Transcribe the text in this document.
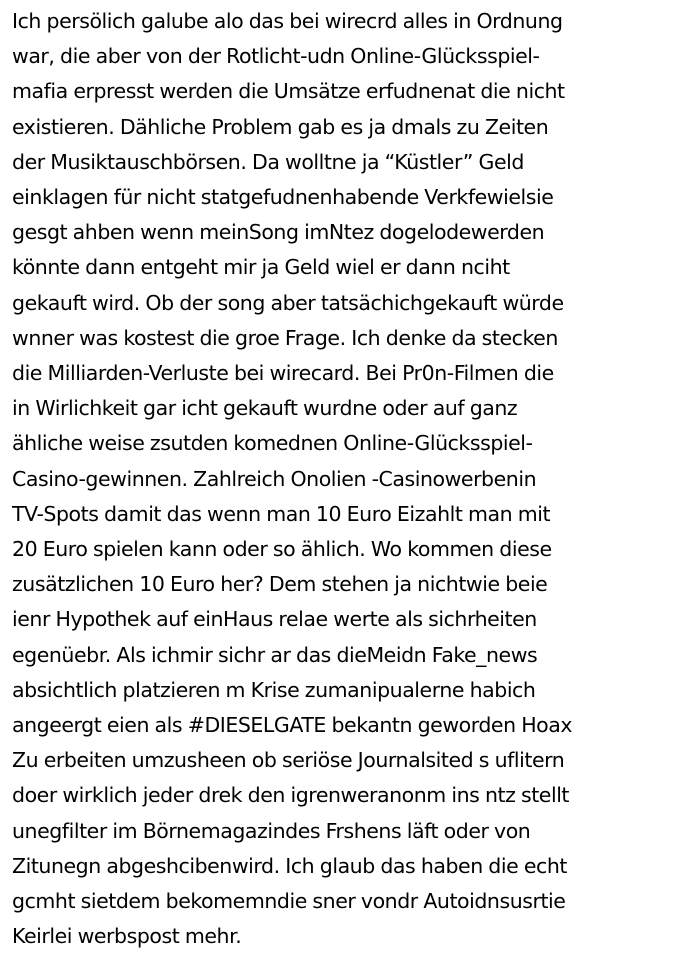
Ich persölich galube alo das bei wirecrd alles in Ordnung
war, die aber von der Rotlicht-udn Online-Glücksspiel-
mafia erpresst werden die Umsätze erfudnenat die nicht
existieren. Dähliche Problem gab es ja dmals zu Zeiten
der Musiktauschbörsen. Da wolltne ja “Küstler” Geld
einklagen für nicht statgefudnenhabende Verkfewielsie
gesgt ahben wenn meinSong imNtez dogelodewerden
könnte dann entgeht mir ja Geld wiel er dann nciht
gekauft wird. Ob der song aber tatsächichgekauft würde
wnner was kostest die groe Frage. Ich denke da stecken
die Milliarden-Verluste bei wirecard. Bei Pr0n-Filmen die
in Wirlichkeit gar icht gekauft wurdne oder auf ganz
ähliche weise zsutden komednen Online-Glücksspiel-
Casino-gewinnen. Zahlreich Onolien -Casinowerbenin
TV-Spots damit das wenn man 10 Euro Eizahlt man mit
20 Euro spielen kann oder so ählich. Wo kommen diese
zusätzlichen 10 Euro her? Dem stehen ja nichtwie beie
ienr Hypothek auf einHaus relae werte als sichrheiten
egenüebr. Als ichmir sichr ar das dieMeidn Fake_news
absichtlich platzieren m Krise zumanipualerne habich
angeergt eien als #DIESELGATE bekantn geworden Hoax
Zu erbeiten umzusheen ob seriöse Journalsited s uflitern
doer wirklich jeder drek den igrenweranonm ins ntz stellt
unegfilter im Börnemagazindes Frshens läft oder von
Zitunegn abgeshcibenwird. Ich glaub das haben die echt
gcmht sietdem bekomemndie sner vondr Autoidnsusrtie
Keirlei werbspost mehr.
